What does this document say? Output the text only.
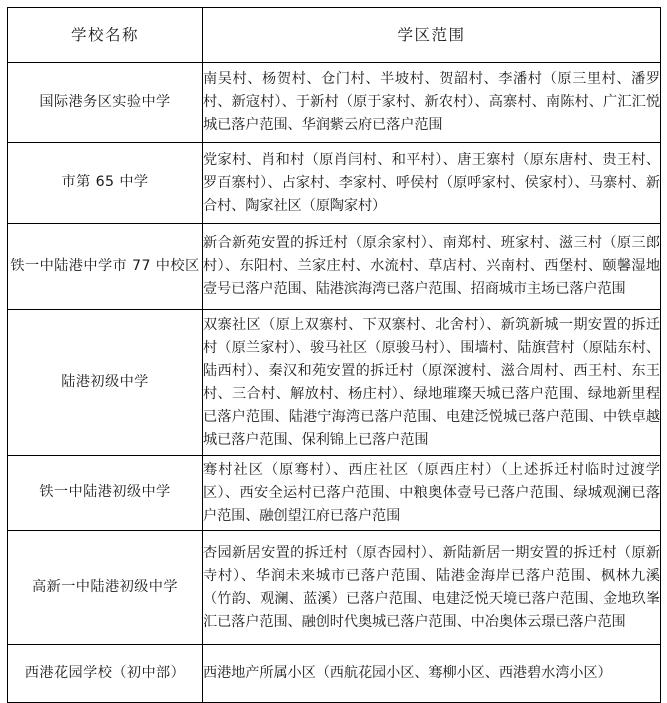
学校名称	学区范围
国际港务区实验中学	南吴村、杨贺村、仓门村、半坡村、贺韶村、李潘村（原三里村、潘罗村、新寇村）、于新村（原于家村、新农村）、高寨村、南陈村、广汇汇悦城已落户范围、华润紫云府已落户范围
市第 65 中学	党家村、肖和村（原肖闫村、和平村）、唐王寨村（原东唐村、贵王村、罗百寨村）、占家村、李家村、呼侯村（原呼家村、侯家村）、马寨村、新合村、陶家社区（原陶家村）
铁一中陆港中学市 77 中校区	新合新苑安置的拆迁村（原余家村）、南郑村、班家村、滋三村（原三郎村）、东阳村、兰家庄村、水流村、草店村、兴南村、西堡村、颐馨湿地壹号已落户范围、陆港滨海湾已落户范围、招商城市主场已落户范围
陆港初级中学	双寨社区（原上双寨村、下双寨村、北舍村）、新筑新城一期安置的拆迁村（原兰家村）、骏马社区（原骏马村）、围墙村、陆旗营村（原陆东村、陆西村）、秦汉和苑安置的拆迁村（原深渡村、滋合周村、西王村、东王村、三合村、解放村、杨庄村）、绿地璀璨天城已落户范围、绿地新里程已落户范围、陆港宁海湾已落户范围、电建泛悦城已落户范围、中铁卓越城已落户范围、保利锦上已落户范围
铁一中陆港初级中学	骞村社区（原骞村）、西庄社区（原西庄村）（上述拆迁村临时过渡学区）、西安全运村已落户范围、中粮奥体壹号已落户范围、绿城观澜已落户范围、融创望江府已落户范围
高新一中陆港初级中学	杏园新居安置的拆迁村（原杏园村）、新陆新居一期安置的拆迁村（原新寺村）、华润未来城市已落户范围、陆港金海岸已落户范围、枫林九溪（竹韵、观澜、蓝溪）已落户范围、电建泛悦天境已落户范围、金地玖峯汇已落户范围、融创时代奥城已落户范围、中冶奥体云璟已落户范围
西港花园学校（初中部）	西港地产所属小区（西航花园小区、骞柳小区、西港碧水湾小区）
